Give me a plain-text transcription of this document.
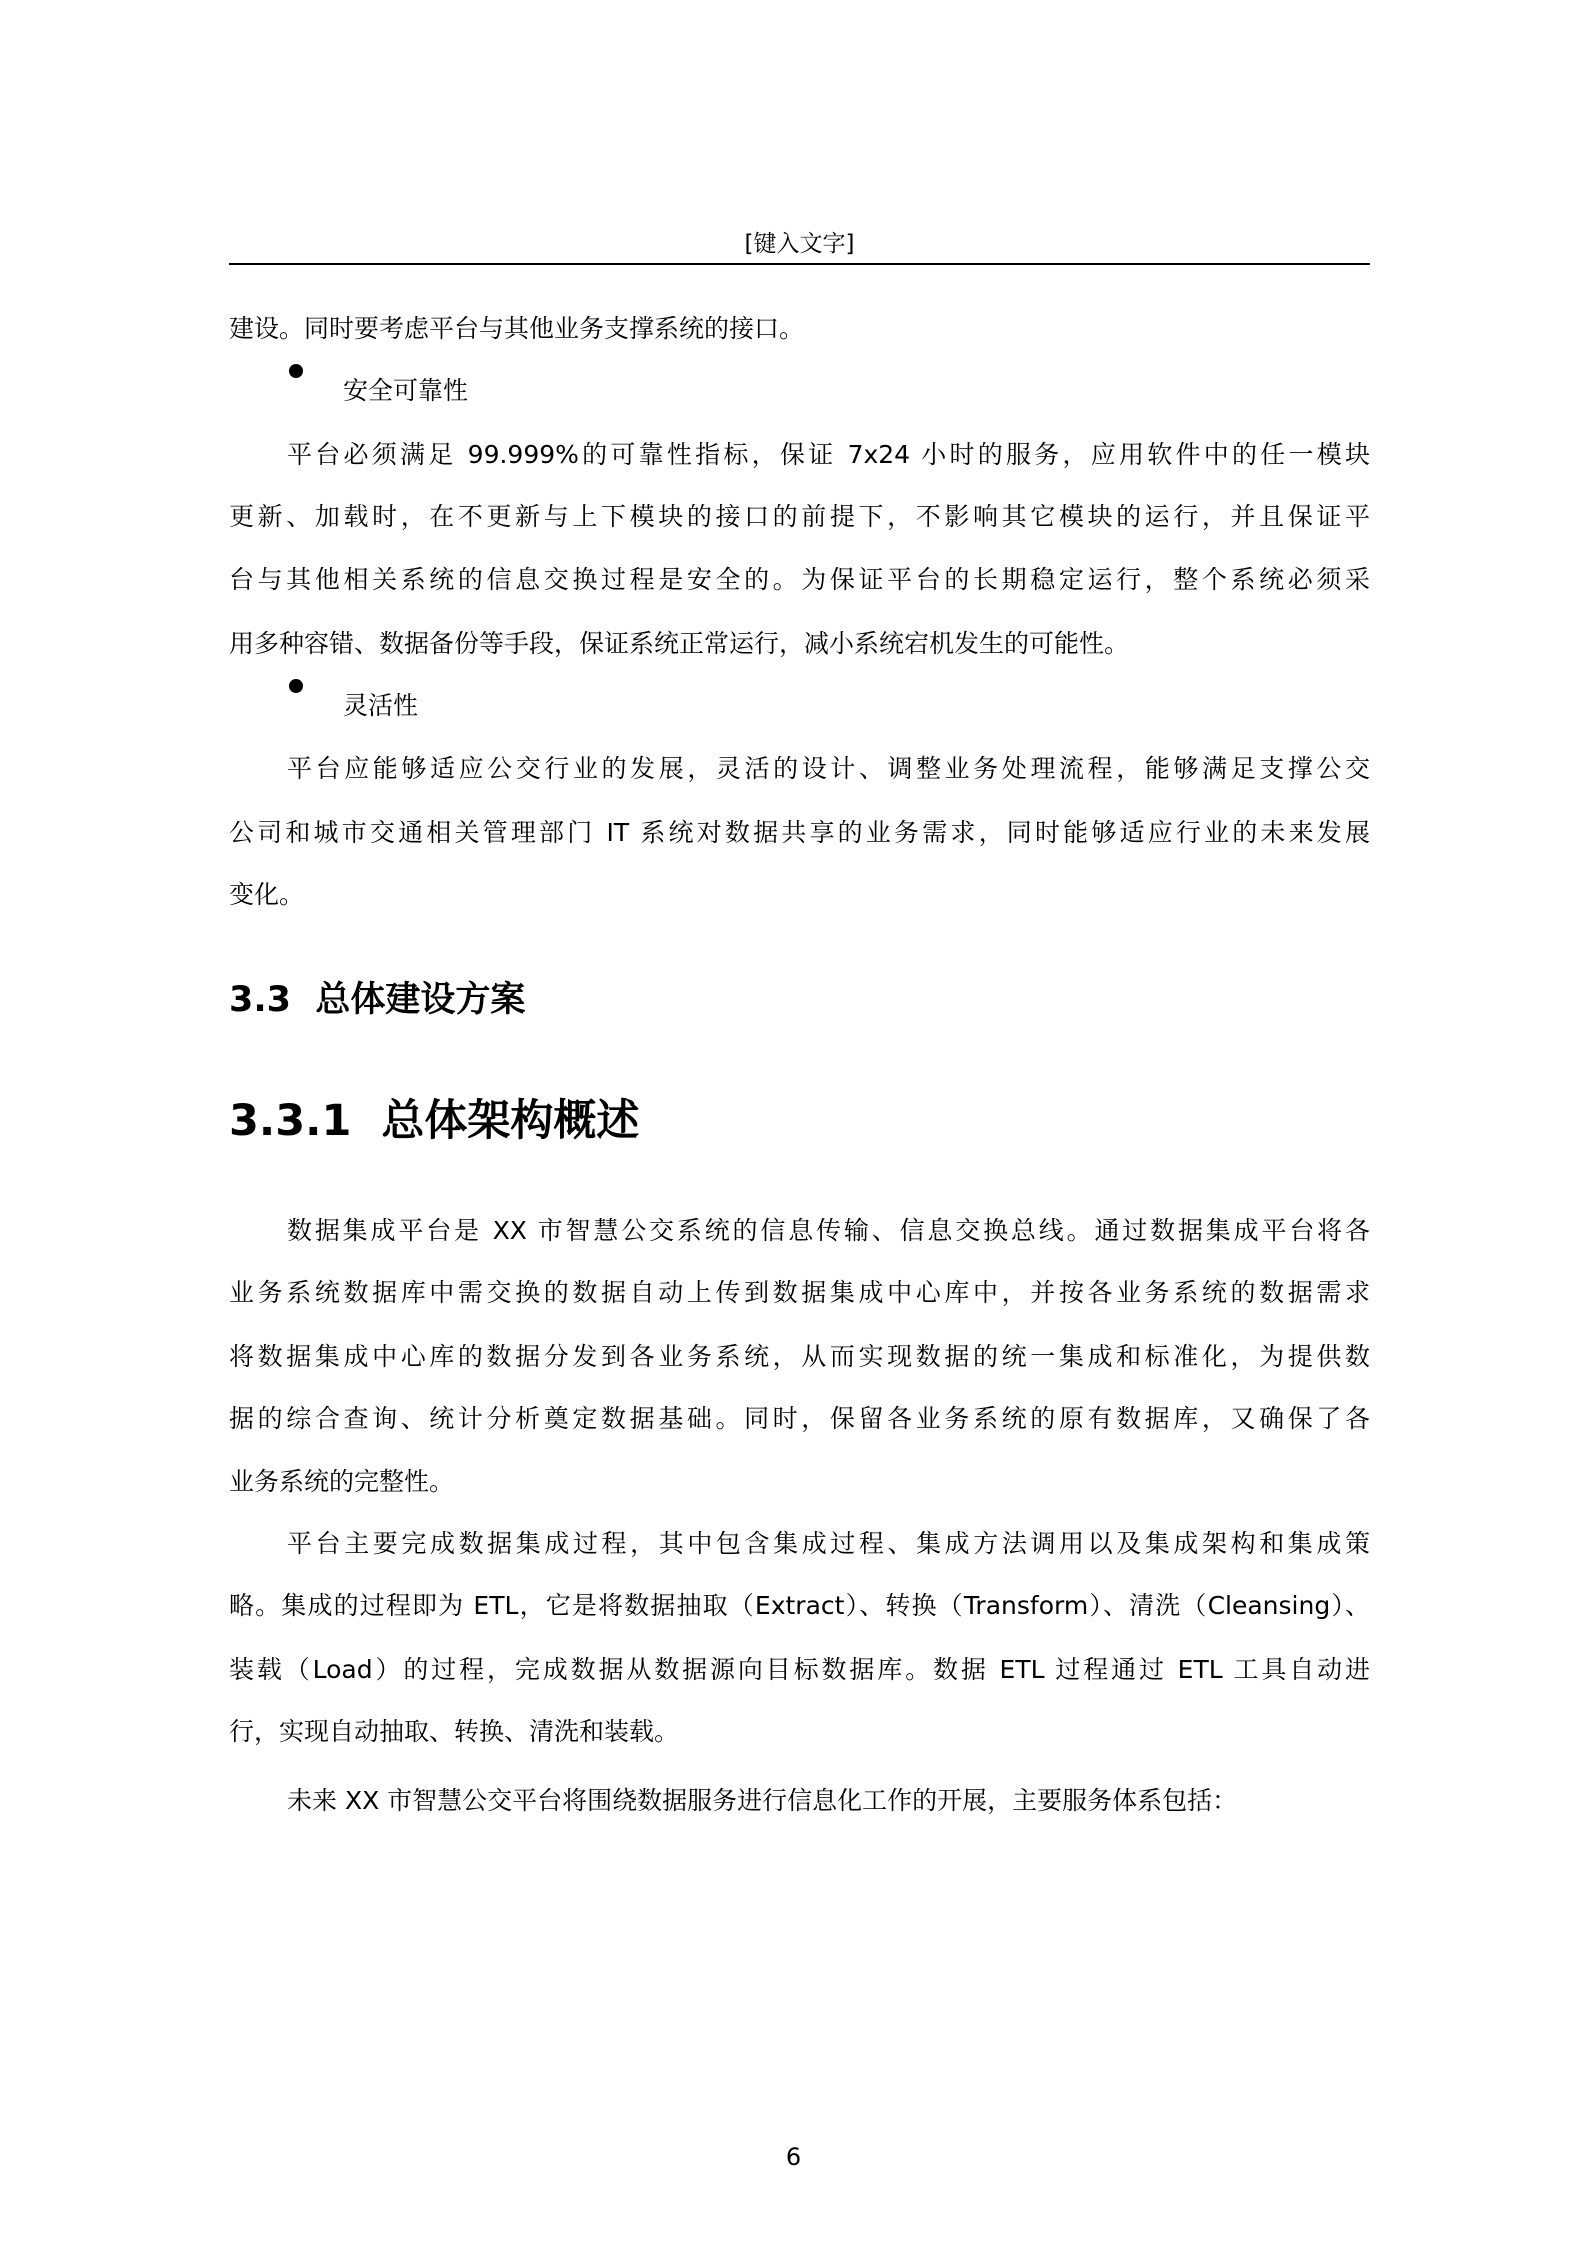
[键入文字]
建设。同时要考虑平台与其他业务支撑系统的接口。
安全可靠性
平台必须满足 99.999%的可靠性指标，保证 7x24 小时的服务，应用软件中的任一模块
更新、加载时，在不更新与上下模块的接口的前提下，不影响其它模块的运行，并且保证平
台与其他相关系统的信息交换过程是安全的。为保证平台的长期稳定运行，整个系统必须采
用多种容错、数据备份等手段，保证系统正常运行，减小系统宕机发生的可能性。
灵活性
平台应能够适应公交行业的发展，灵活的设计、调整业务处理流程，能够满足支撑公交
公司和城市交通相关管理部门 IT 系统对数据共享的业务需求，同时能够适应行业的未来发展
变化。
3.3 总体建设方案
3.3.1 总体架构概述
数据集成平台是 XX 市智慧公交系统的信息传输、信息交换总线。通过数据集成平台将各
业务系统数据库中需交换的数据自动上传到数据集成中心库中，并按各业务系统的数据需求
将数据集成中心库的数据分发到各业务系统，从而实现数据的统一集成和标准化，为提供数
据的综合查询、统计分析奠定数据基础。同时，保留各业务系统的原有数据库，又确保了各
业务系统的完整性。
平台主要完成数据集成过程，其中包含集成过程、集成方法调用以及集成架构和集成策
略。集成的过程即为 ETL，它是将数据抽取（Extract）、转换（Transform）、清洗（Cleansing）、
装载（Load）的过程，完成数据从数据源向目标数据库。数据 ETL 过程通过 ETL 工具自动进
行，实现自动抽取、转换、清洗和装载。
未来 XX 市智慧公交平台将围绕数据服务进行信息化工作的开展，主要服务体系包括：
6
